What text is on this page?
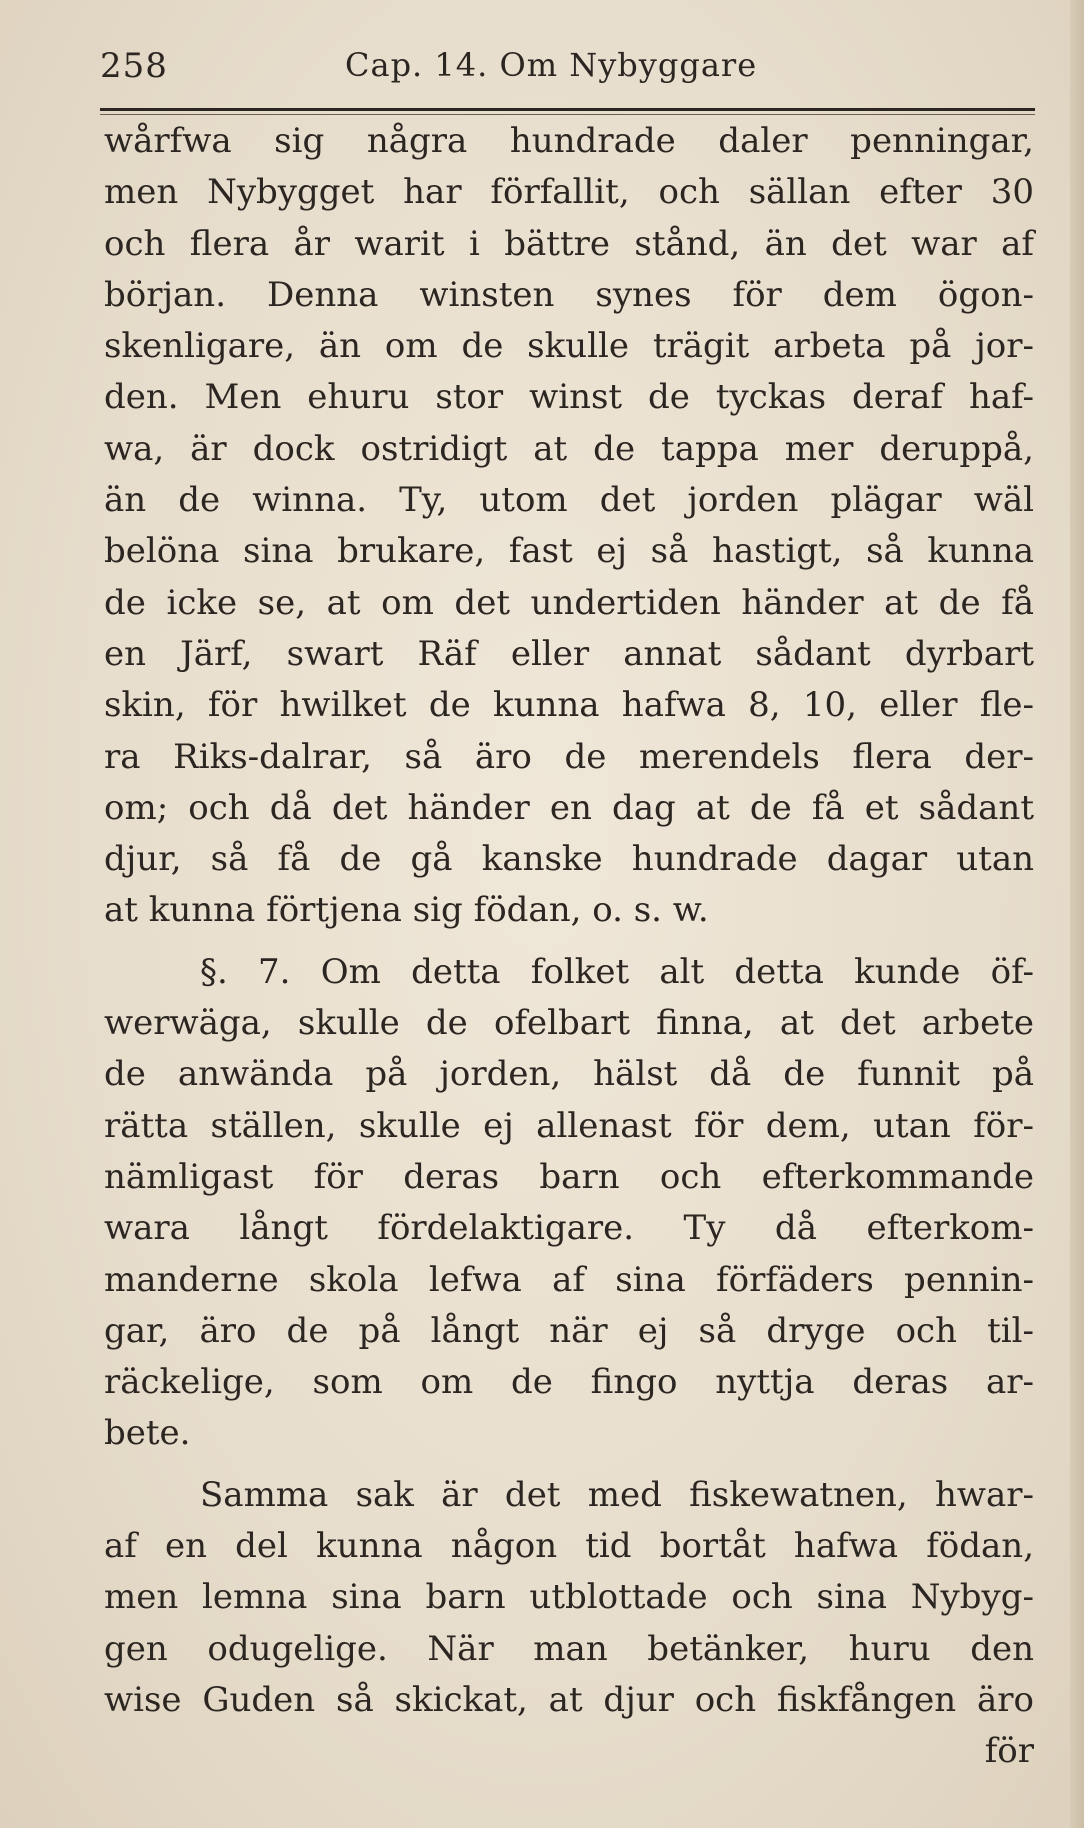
258	Cap. 14. Om Nybyggare
wårfwa sig några hundrade daler penningar,
men Nybygget har förfallit, och sällan efter 30
och flera år warit i bättre stånd, än det war af
början. Denna winsten synes för dem ögon-
skenligare, än om de skulle trägit arbeta på jor-
den. Men ehuru stor winst de tyckas deraf haf-
wa, är dock ostridigt at de tappa mer deruppå,
än de winna. Ty, utom det jorden plägar wäl
belöna sina brukare, fast ej så hastigt, så kunna
de icke se, at om det undertiden händer at de få
en Järf, swart Räf eller annat sådant dyrbart
skin, för hwilket de kunna hafwa 8, 10, eller fle-
ra Riks-dalrar, så äro de merendels flera der-
om; och då det händer en dag at de få et sådant
djur, så få de gå kanske hundrade dagar utan
at kunna förtjena sig födan, o. s. w.
§. 7. Om detta folket alt detta kunde öf-
werwäga, skulle de ofelbart finna, at det arbete
de anwända på jorden, hälst då de funnit på
rätta ställen, skulle ej allenast för dem, utan för-
nämligast för deras barn och efterkommande
wara långt fördelaktigare. Ty då efterkom-
manderne skola lefwa af sina förfäders pennin-
gar, äro de på långt när ej så dryge och til-
räckelige, som om de fingo nyttja deras ar-
bete.
Samma sak är det med fiskewatnen, hwar-
af en del kunna någon tid bortåt hafwa födan,
men lemna sina barn utblottade och sina Nybyg-
gen odugelige. När man betänker, huru den
wise Guden så skickat, at djur och fiskfången äro
för
